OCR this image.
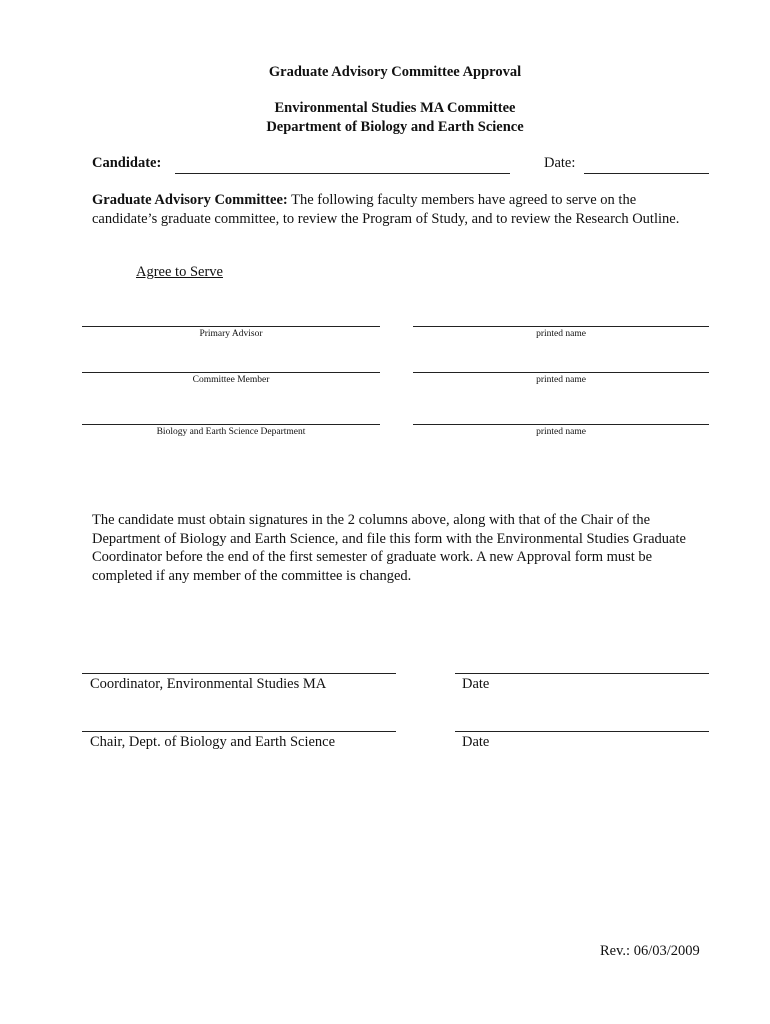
Graduate Advisory Committee Approval
Environmental Studies MA Committee
Department of Biology and Earth Science
Candidate:	Date:
Graduate Advisory Committee: The following faculty members have agreed to serve on the candidate’s graduate committee, to review the Program of Study, and to review the Research Outline.
Agree to Serve
Primary Advisor	printed name
Committee Member	printed name
Biology and Earth Science Department	printed name
The candidate must obtain signatures in the 2 columns above, along with that of the Chair of the Department of Biology and Earth Science, and file this form with the Environmental Studies Graduate Coordinator before the end of the first semester of graduate work. A new Approval form must be completed if any member of the committee is changed.
Coordinator, Environmental Studies MA	Date
Chair, Dept. of Biology and Earth Science	Date
Rev.: 06/03/2009
